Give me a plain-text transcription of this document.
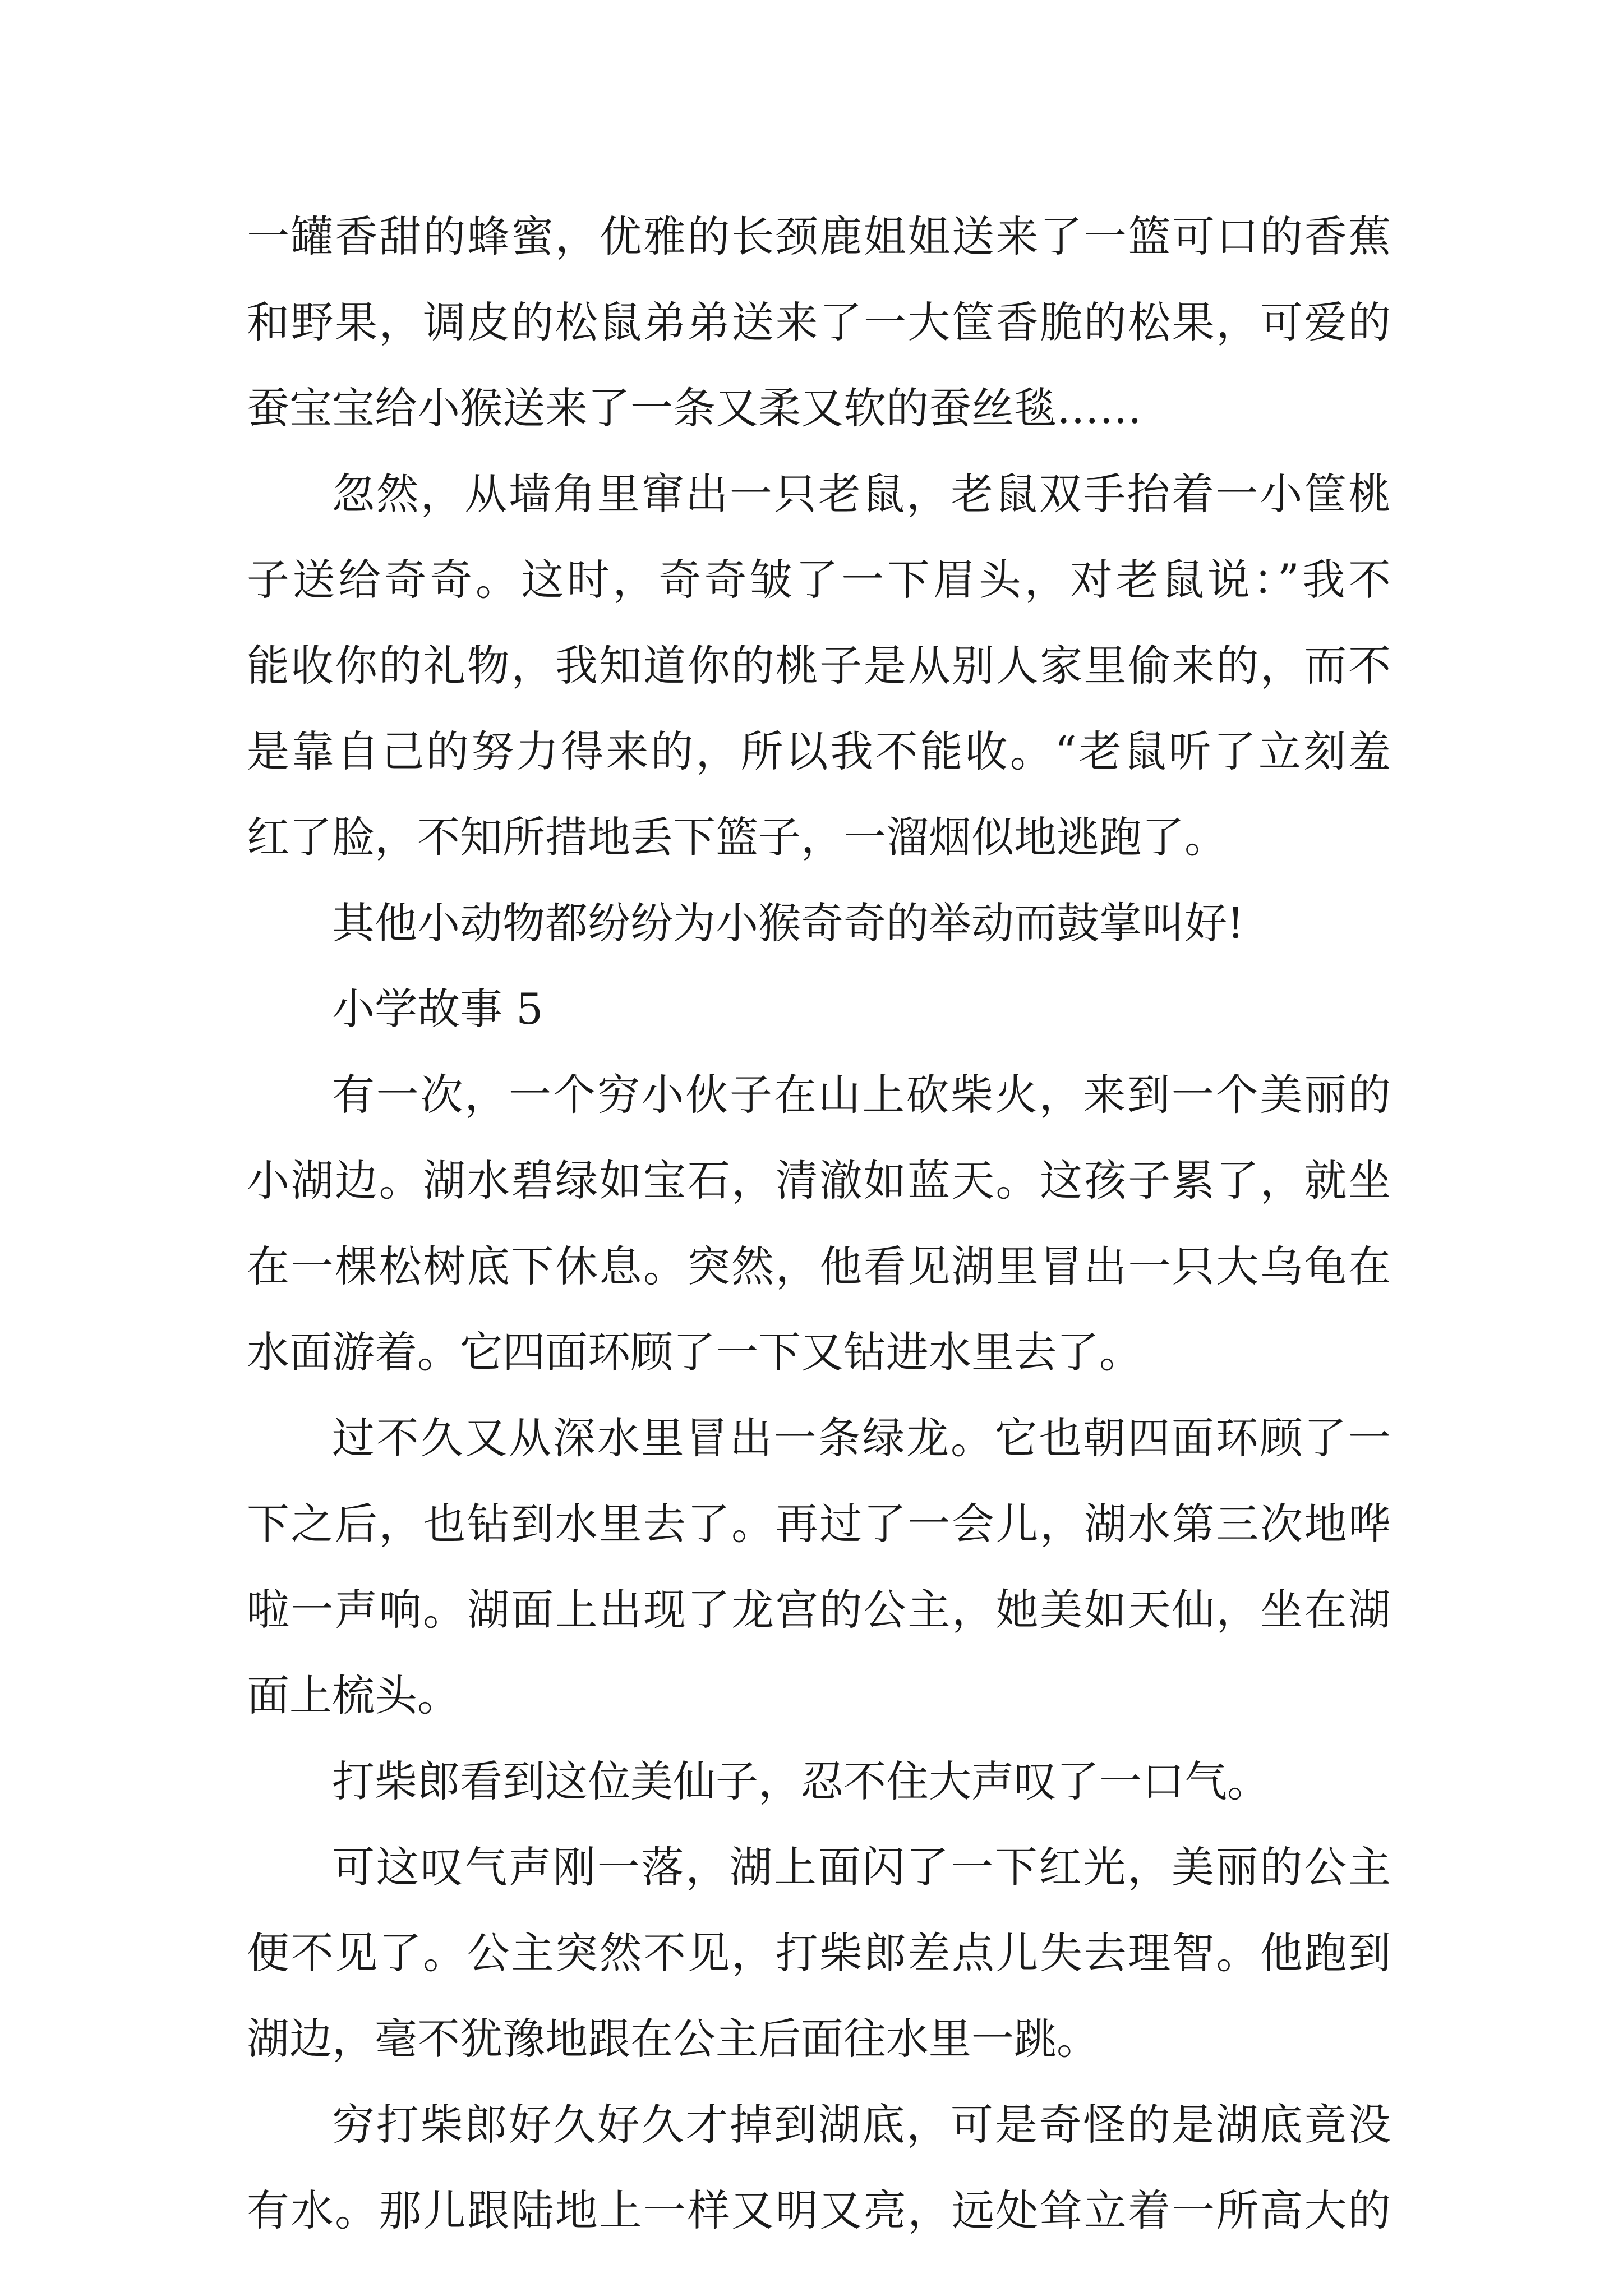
一罐香甜的蜂蜜，优雅的长颈鹿姐姐送来了一篮可口的香蕉
和野果，调皮的松鼠弟弟送来了一大筐香脆的松果，可爱的
蚕宝宝给小猴送来了一条又柔又软的蚕丝毯……
忽然，从墙角里窜出一只老鼠，老鼠双手抬着一小筐桃
子送给奇奇。这时，奇奇皱了一下眉头，对老鼠说：”我不
能收你的礼物，我知道你的桃子是从别人家里偷来的，而不
是靠自己的努力得来的，所以我不能收。“老鼠听了立刻羞
红了脸，不知所措地丢下篮子，一溜烟似地逃跑了。
其他小动物都纷纷为小猴奇奇的举动而鼓掌叫好!
小学故事 5
有一次，一个穷小伙子在山上砍柴火，来到一个美丽的
小湖边。湖水碧绿如宝石，清澈如蓝天。这孩子累了，就坐
在一棵松树底下休息。突然，他看见湖里冒出一只大乌龟在
水面游着。它四面环顾了一下又钻进水里去了。
过不久又从深水里冒出一条绿龙。它也朝四面环顾了一
下之后，也钻到水里去了。再过了一会儿，湖水第三次地哗
啦一声响。湖面上出现了龙宫的公主，她美如天仙，坐在湖
面上梳头。
打柴郎看到这位美仙子，忍不住大声叹了一口气。
可这叹气声刚一落，湖上面闪了一下红光，美丽的公主
便不见了。公主突然不见，打柴郎差点儿失去理智。他跑到
湖边，毫不犹豫地跟在公主后面往水里一跳。
穷打柴郎好久好久才掉到湖底，可是奇怪的是湖底竟没
有水。那儿跟陆地上一样又明又亮，远处耸立着一所高大的
